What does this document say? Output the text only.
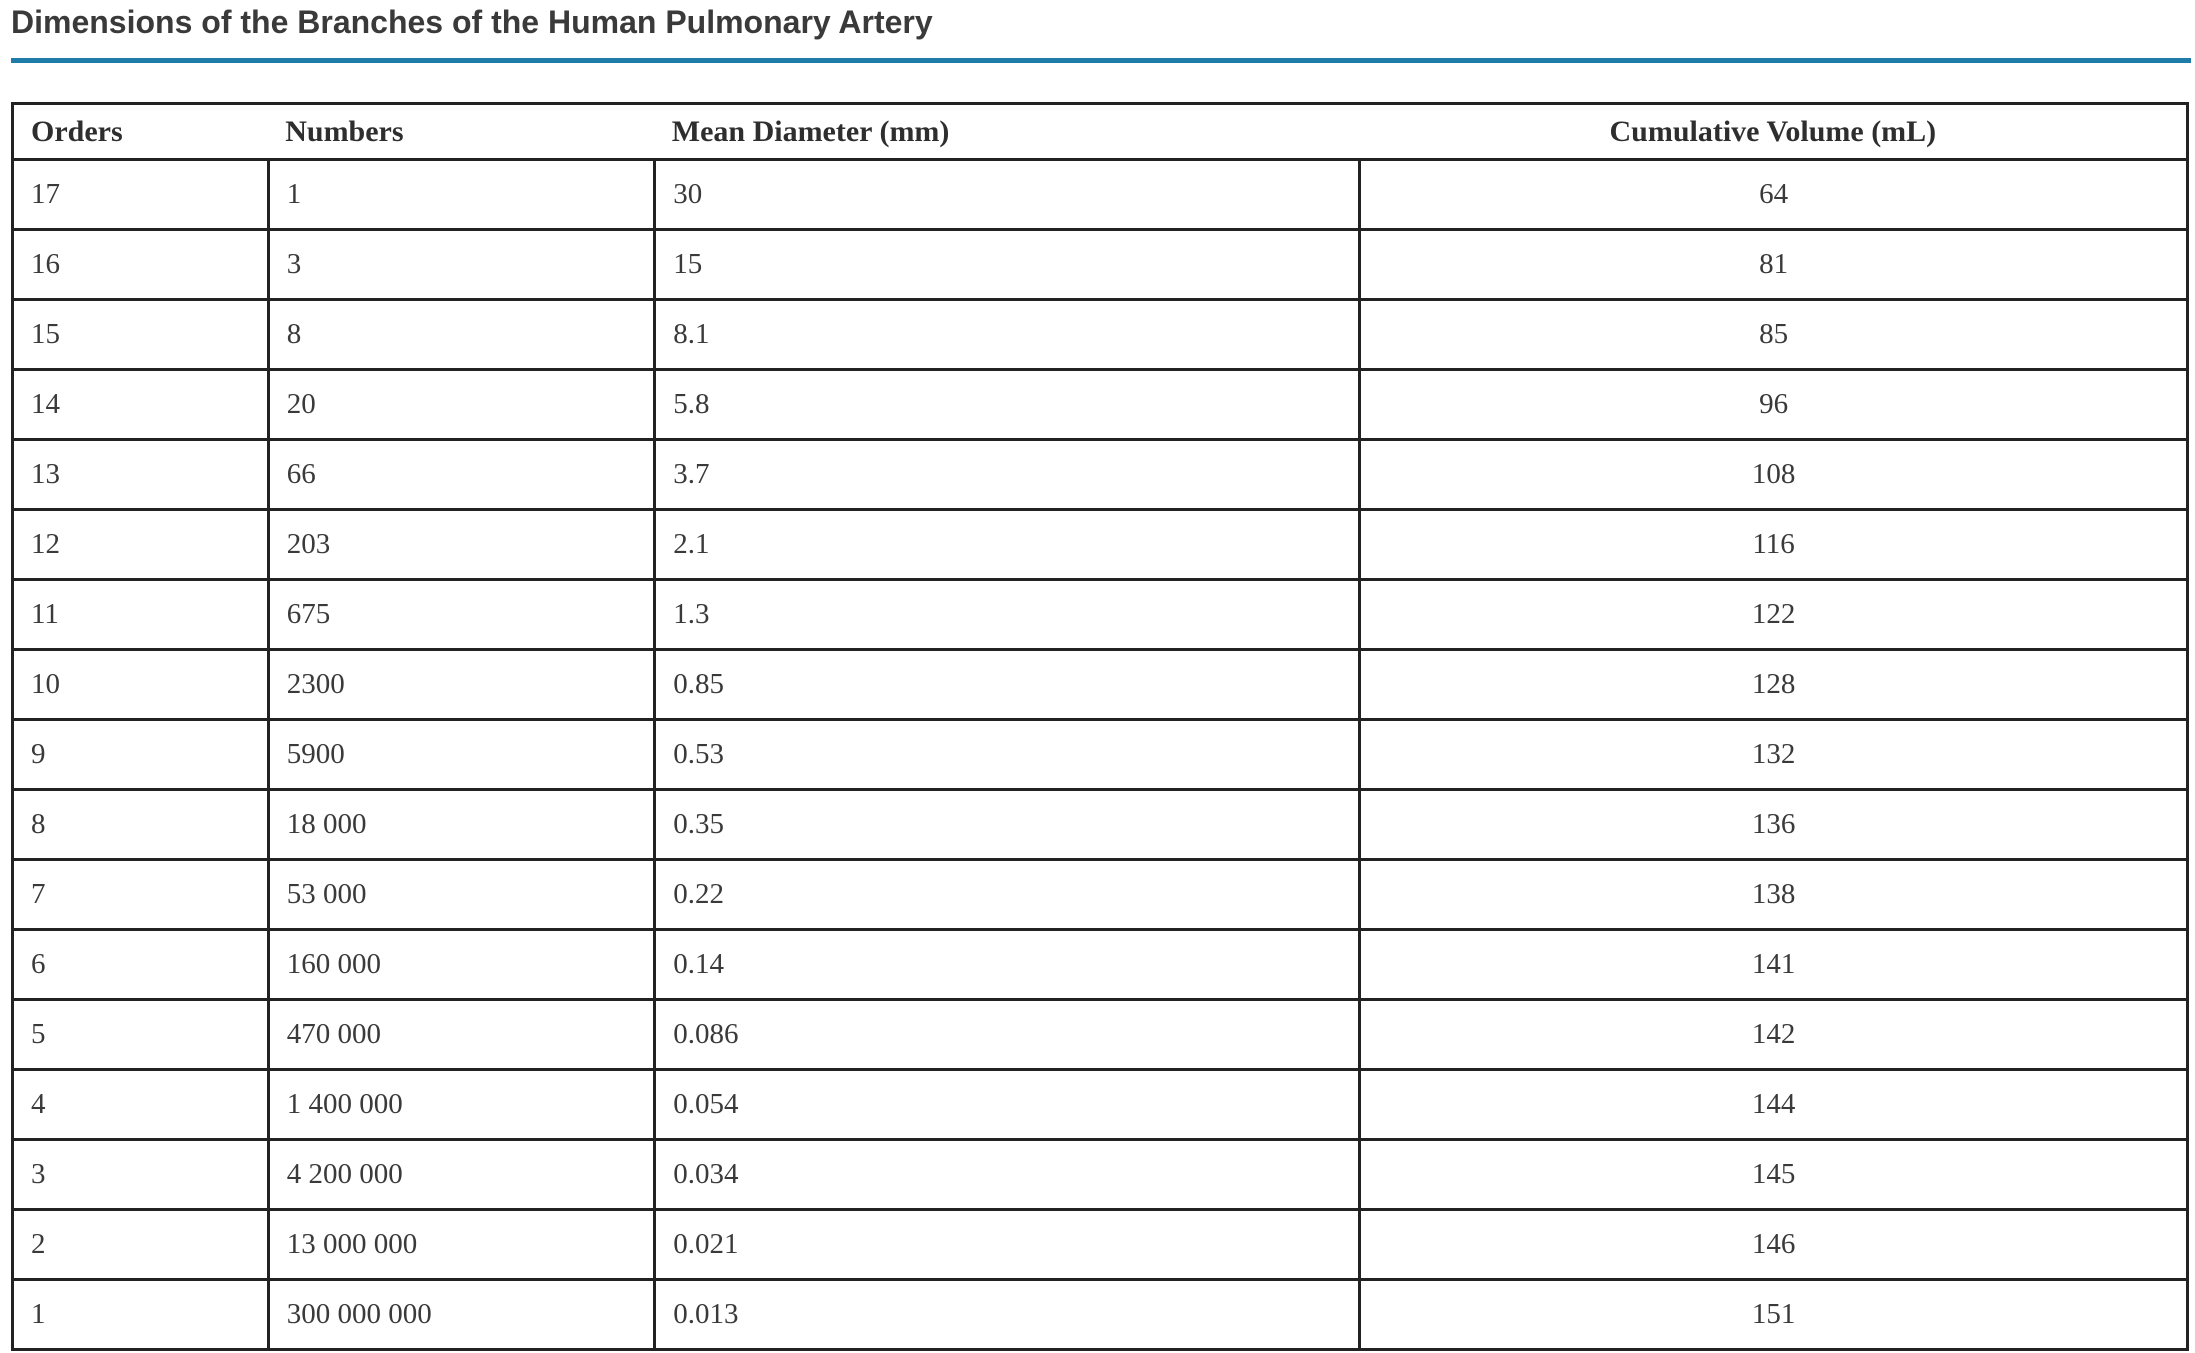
Dimensions of the Branches of the Human Pulmonary Artery
Orders	Numbers	Mean Diameter (mm)	Cumulative Volume (mL)
17	1	30	64
16	3	15	81
15	8	8.1	85
14	20	5.8	96
13	66	3.7	108
12	203	2.1	116
11	675	1.3	122
10	2300	0.85	128
9	5900	0.53	132
8	18 000	0.35	136
7	53 000	0.22	138
6	160 000	0.14	141
5	470 000	0.086	142
4	1 400 000	0.054	144
3	4 200 000	0.034	145
2	13 000 000	0.021	146
1	300 000 000	0.013	151
